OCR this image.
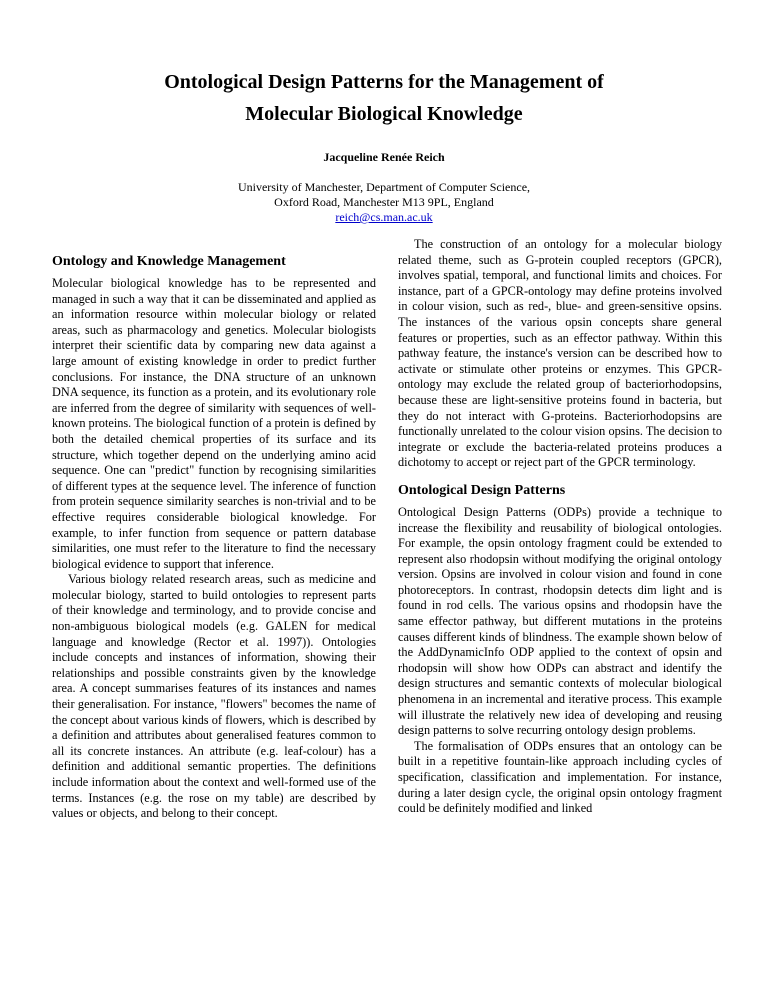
Ontological Design Patterns for the Management of
Molecular Biological Knowledge
Jacqueline Renée Reich
University of Manchester, Department of Computer Science,
Oxford Road, Manchester M13 9PL, England
reich@cs.man.ac.uk
Ontology and Knowledge Management

Molecular biological knowledge has to be represented and managed in such a way that it can be disseminated and applied as an information resource within molecular biology or related areas, such as pharmacology and genetics. Molecular biologists interpret their scientific data by comparing new data against a large amount of existing knowledge in order to predict further conclusions. For instance, the DNA structure of an unknown DNA sequence, its function as a protein, and its evolutionary role are inferred from the degree of similarity with sequences of well-known proteins. The biological function of a protein is defined by both the detailed chemical properties of its surface and its structure, which together depend on the underlying amino acid sequence. One can "predict" function by recognising similarities of different types at the sequence level. The inference of function from protein sequence similarity searches is non-trivial and to be effective requires considerable biological knowledge. For example, to infer function from sequence or pattern database similarities, one must refer to the literature to find the necessary biological evidence to support that inference.

Various biology related research areas, such as medicine and molecular biology, started to build ontologies to represent parts of their knowledge and terminology, and to provide concise and non-ambiguous biological models (e.g. GALEN for medical language and knowledge (Rector et al. 1997)). Ontologies include concepts and instances of information, showing their relationships and possible constraints given by the knowledge area. A concept summarises features of its instances and names their generalisation. For instance, "flowers" becomes the name of the concept about various kinds of flowers, which is described by a definition and attributes about generalised features common to all its concrete instances. An attribute (e.g. leaf-colour) has a definition and additional semantic properties. The definitions include information about the context and well-formed use of the terms. Instances (e.g. the rose on my table) are described by values or objects, and belong to their concept.

The construction of an ontology for a molecular biology related theme, such as G-protein coupled receptors (GPCR), involves spatial, temporal, and functional limits and choices. For instance, part of a GPCR-ontology may define proteins involved in colour vision, such as red-, blue- and green-sensitive opsins. The instances of the various opsin concepts share general features or properties, such as an effector pathway. Within this pathway feature, the instance's version can be described how to activate or stimulate other proteins or enzymes. This GPCR-ontology may exclude the related group of bacteriorhodopsins, because these are light-sensitive proteins found in bacteria, but they do not interact with G-proteins. Bacteriorhodopsins are functionally unrelated to the colour vision opsins. The decision to integrate or exclude the bacteria-related proteins produces a dichotomy to accept or reject part of the GPCR terminology.

Ontological Design Patterns

Ontological Design Patterns (ODPs) provide a technique to increase the flexibility and reusability of biological ontologies. For example, the opsin ontology fragment could be extended to represent also rhodopsin without modifying the original ontology version. Opsins are involved in colour vision and found in cone photoreceptors. In contrast, rhodopsin detects dim light and is found in rod cells. The various opsins and rhodopsin have the same effector pathway, but different mutations in the proteins causes different kinds of blindness. The example shown below of the AddDynamicInfo ODP applied to the context of opsin and rhodopsin will show how ODPs can abstract and identify the design structures and semantic contexts of molecular biological phenomena in an incremental and iterative process. This example will illustrate the relatively new idea of developing and reusing design patterns to solve recurring ontology design problems.

The formalisation of ODPs ensures that an ontology can be built in a repetitive fountain-like approach including cycles of specification, classification and implementation. For instance, during a later design cycle, the original opsin ontology fragment could be definitely modified and linked
